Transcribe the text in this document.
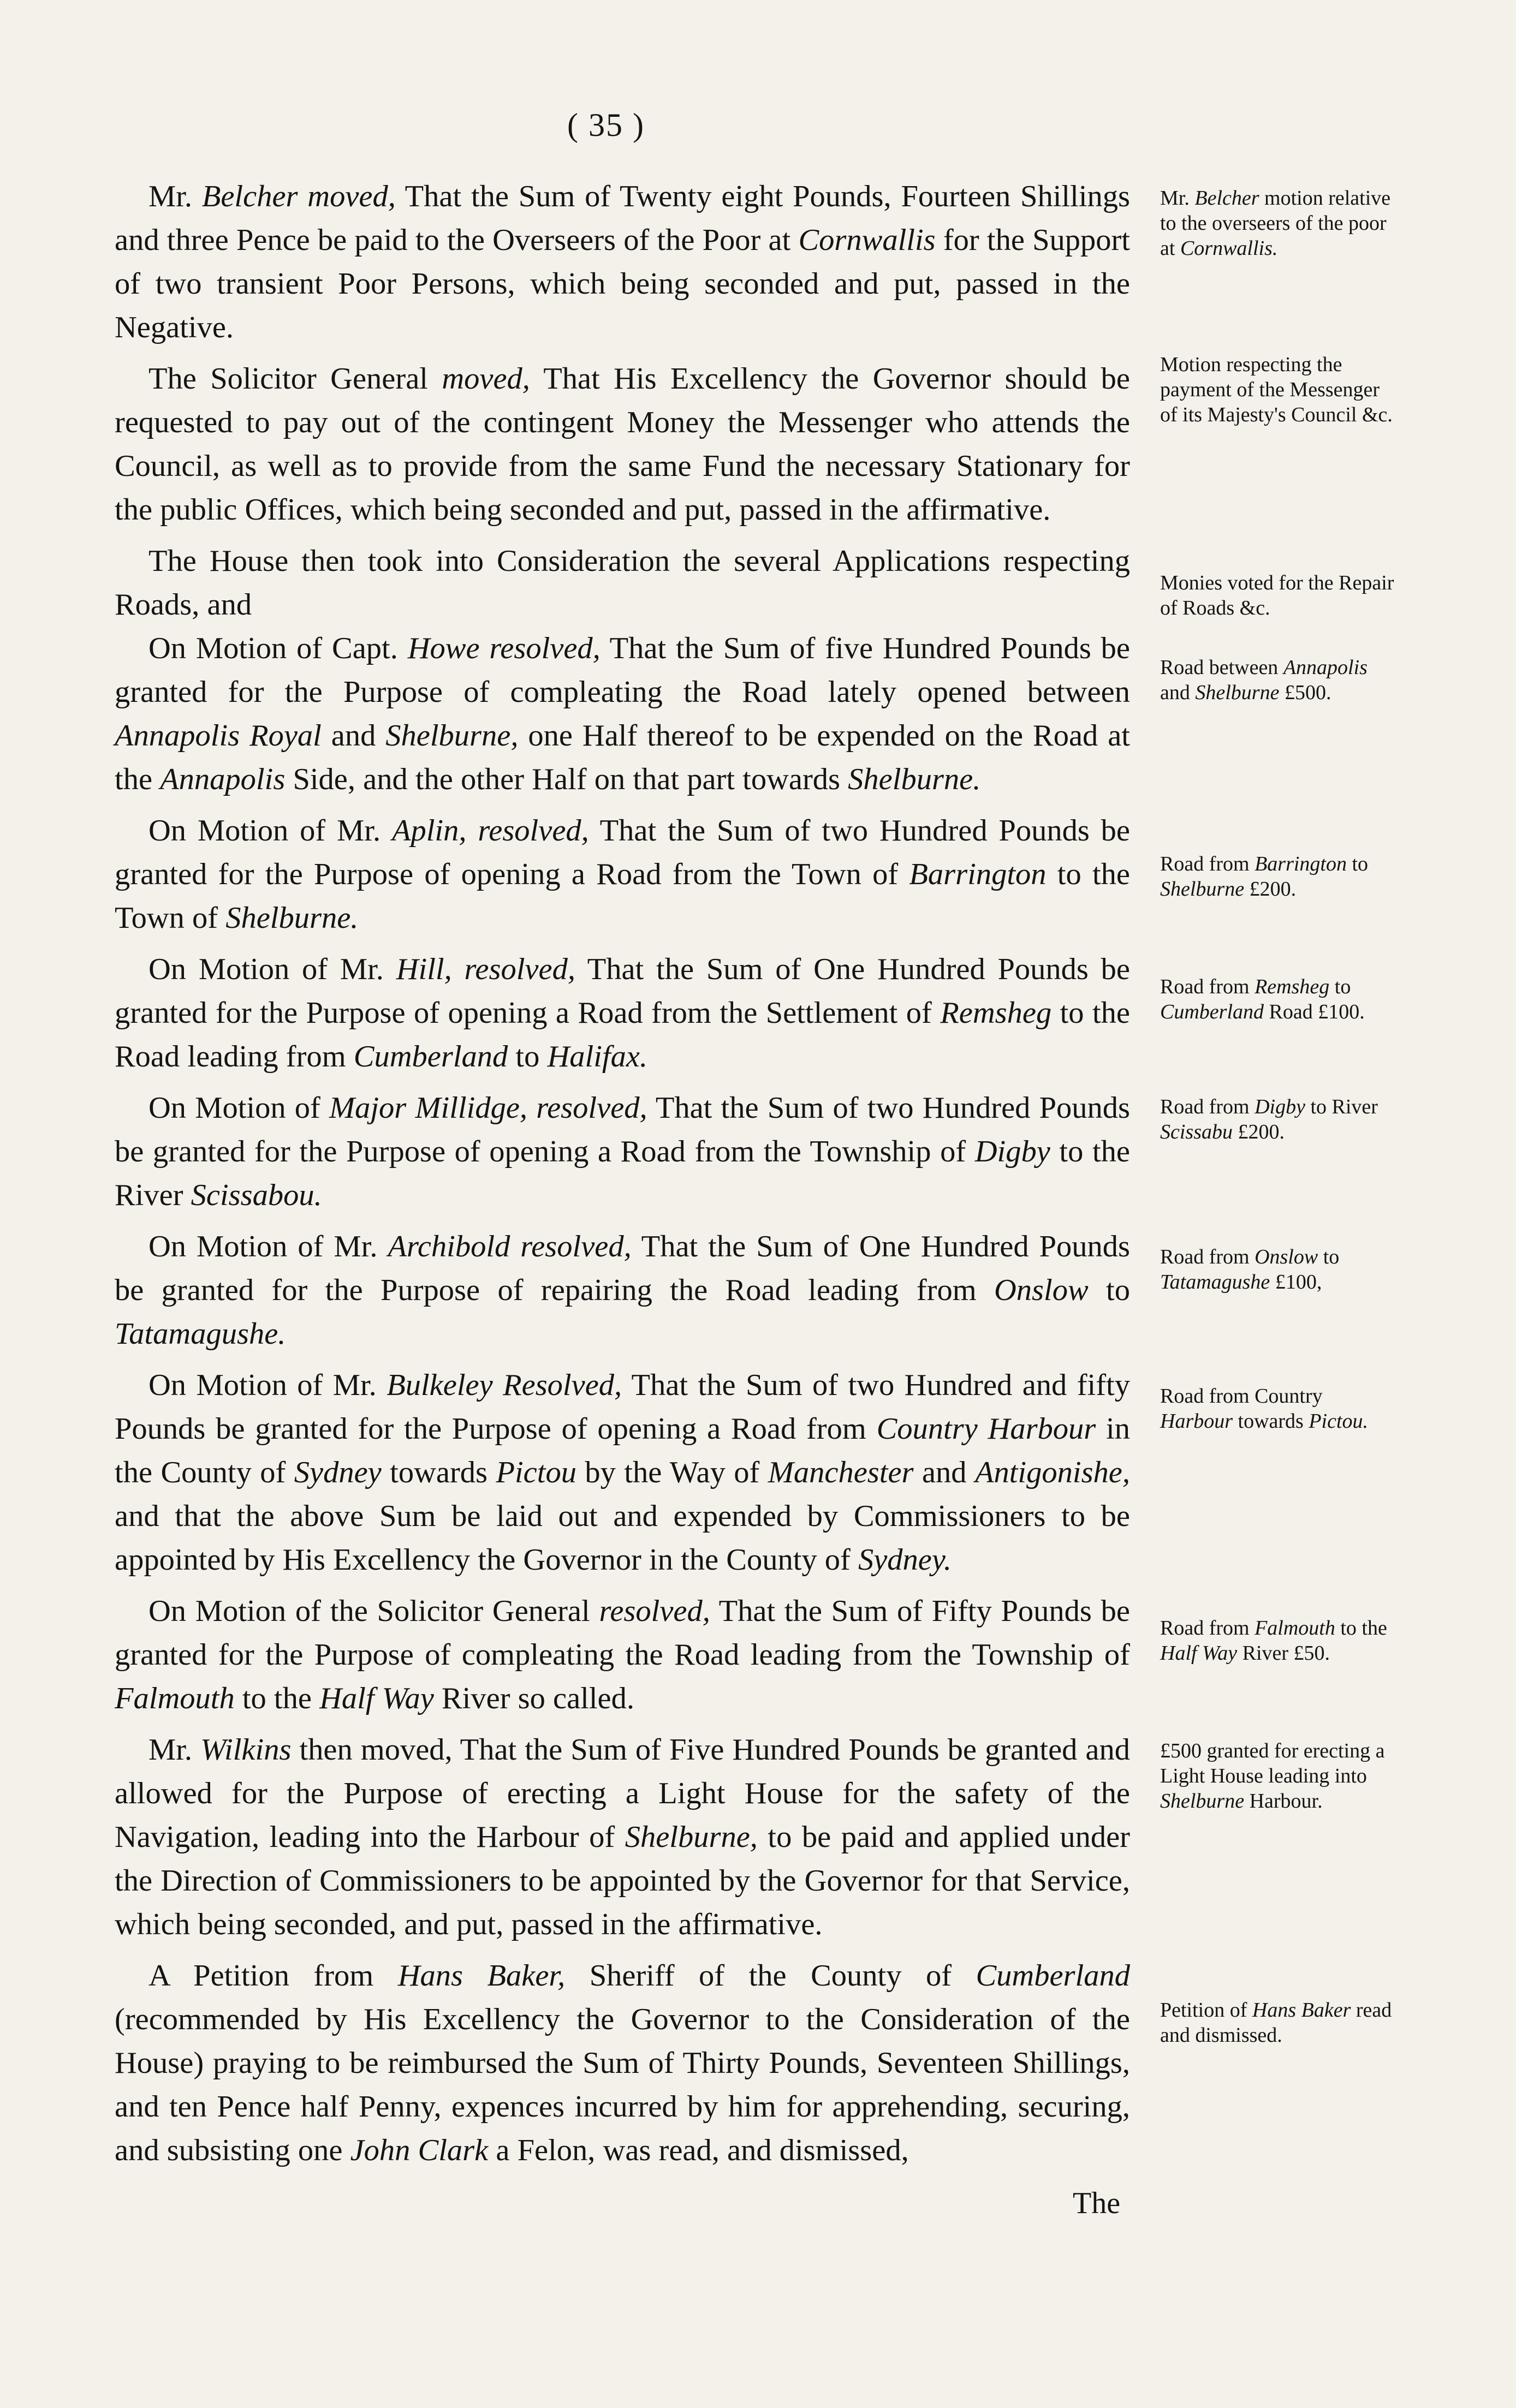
( 35 )

Mr. Belcher moved, That the Sum of Twenty eight Pounds, Fourteen Shillings and three Pence be paid to the Overseers of the Poor at Cornwallis for the Support of two transient Poor Persons, which being seconded and put, passed in the Negative.

The Solicitor General moved, That His Excellency the Governor should be requested to pay out of the contingent Money the Messenger who attends the Council, as well as to provide from the same Fund the necessary Stationary for the public Offices, which being seconded and put, passed in the affirmative.

The House then took into Consideration the several Applications respecting Roads, and

On Motion of Capt. Howe resolved, That the Sum of five Hundred Pounds be granted for the Purpose of compleating the Road lately opened between Annapolis Royal and Shelburne, one Half thereof to be expended on the Road at the Annapolis Side, and the other Half on that part towards Shelburne.

On Motion of Mr. Aplin, resolved, That the Sum of two Hundred Pounds be granted for the Purpose of opening a Road from the Town of Barrington to the Town of Shelburne.

On Motion of Mr. Hill, resolved, That the Sum of One Hundred Pounds be granted for the Purpose of opening a Road from the Settlement of Remsheg to the Road leading from Cumberland to Halifax.

On Motion of Major Millidge, resolved, That the Sum of two Hundred Pounds be granted for the Purpose of opening a Road from the Township of Digby to the River Scissabou.

On Motion of Mr. Archibold resolved, That the Sum of One Hundred Pounds be granted for the Purpose of repairing the Road leading from Onslow to Tatamagushe.

On Motion of Mr. Bulkeley Resolved, That the Sum of two Hundred and fifty Pounds be granted for the Purpose of opening a Road from Country Harbour in the County of Sydney towards Pictou by the Way of Manchester and Antigonishe, and that the above Sum be laid out and expended by Commissioners to be appointed by His Excellency the Governor in the County of Sydney.

On Motion of the Solicitor General resolved, That the Sum of Fifty Pounds be granted for the Purpose of compleating the Road leading from the Township of Falmouth to the Half Way River so called.

Mr. Wilkins then moved, That the Sum of Five Hundred Pounds be granted and allowed for the Purpose of erecting a Light House for the safety of the Navigation, leading into the Harbour of Shelburne, to be paid and applied under the Direction of Commissioners to be appointed by the Governor for that Service, which being seconded, and put, passed in the affirmative.

A Petition from Hans Baker, Sheriff of the County of Cumberland (recommended by His Excellency the Governor to the Consideration of the House) praying to be reimbursed the Sum of Thirty Pounds, Seventeen Shillings, and ten Pence half Penny, expences incurred by him for apprehending, securing, and subsisting one John Clark a Felon, was read, and dismissed,

The
Mr. Belcher motion relative to the overseers of the poor at Cornwallis.
Motion respecting the payment of the Messenger of its Majesty's Council &c.
Monies voted for the Repair of Roads &c.
Road between Annapolis and Shelburne £500.
Road from Barrington to Shelburne £200.
Road from Remsheg to Cumberland Road £100.
Road from Digby to River Scissabu £200.
Road from Onslow to Tatamagushe £100,
Road from Country Harbour towards Pictou.
Road from Falmouth to the Half Way River £50.
£500 granted for erecting a Light House leading into Shelburne Harbour.
Petition of Hans Baker read and dismissed.
